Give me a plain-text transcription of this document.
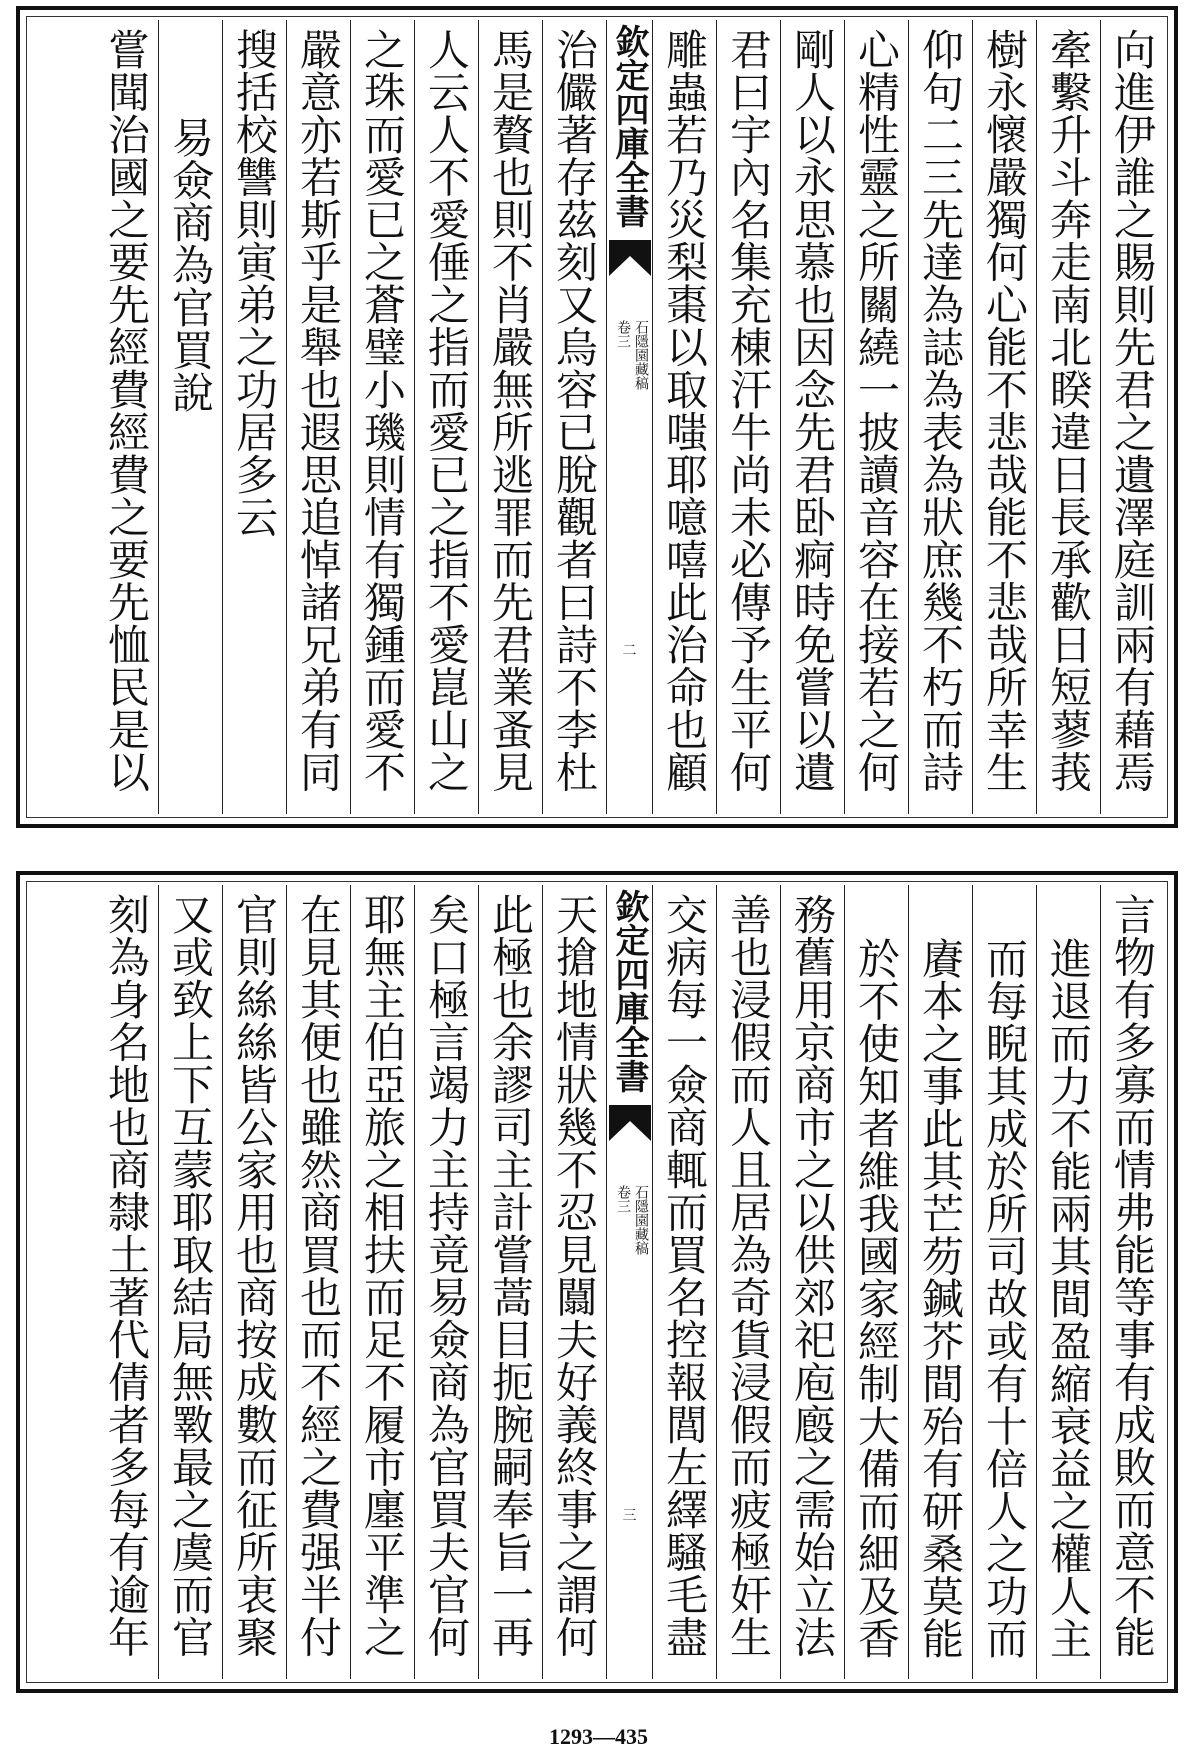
向進伊誰之賜則先君之遺澤庭訓兩有藉焉
牽繫升斗奔走南北睽違日長承歡日短蓼莪
樹永懷嚴獨何心能不悲哉能不悲哉所幸生
仰句二三先達為誌為表為狀庶幾不朽而詩
心精性靈之所關繞一披讀音容在接若之何
剛人以永思慕也因念先君卧痾時免嘗以遺
君曰宇內名集充棟汗牛尚未必傳予生平何
雕蟲若乃災梨棗以取嗤耶噫嘻此治命也顧
欽定四庫全書
石隱園藏稿
卷三
二
治儼著存茲刻又烏容已脫觀者曰詩不李杜
馬是贅也則不肖嚴無所逃罪而先君業蚤見
人云人不愛倕之指而愛已之指不愛崑山之
之珠而愛已之蒼璧小璣則情有獨鍾而愛不
嚴意亦若斯乎是舉也遐思追悼諸兄弟有同
搜括校讐則寅弟之功居多云
易僉商為官買說
嘗聞治國之要先經費經費之要先恤民是以
言物有多寡而情弗能等事有成敗而意不能
進退而力不能兩其間盈縮衰益之權人主
而每睨其成於所司故或有十倍人之功而
賡本之事此其芒芴鍼芥間殆有研桑莫能
於不使知者維我國家經制大備而細及香
務舊用京商市之以供郊祀庖廏之需始立法
善也浸假而人且居為奇貨浸假而疲極奸生
交病每一僉商輒而買名控報閭左繹騷毛盡
欽定四庫全書
石隱園藏稿
卷三
三
天搶地情狀幾不忍見闒夫好義終事之謂何
此極也余謬司主計嘗蒿目扼腕嗣奉旨一再
矣口極言竭力主持竟易僉商為官買夫官何
耶無主伯亞旅之相扶而足不履市廛平準之
在見其便也雖然商買也而不經之費强半付
官則絲絲皆公家用也商按成數而征所衷聚
又或致上下互蒙耶取結局無斁最之虞而官
刻為身名地也商隸土著代倩者多每有逾年
1293—435
